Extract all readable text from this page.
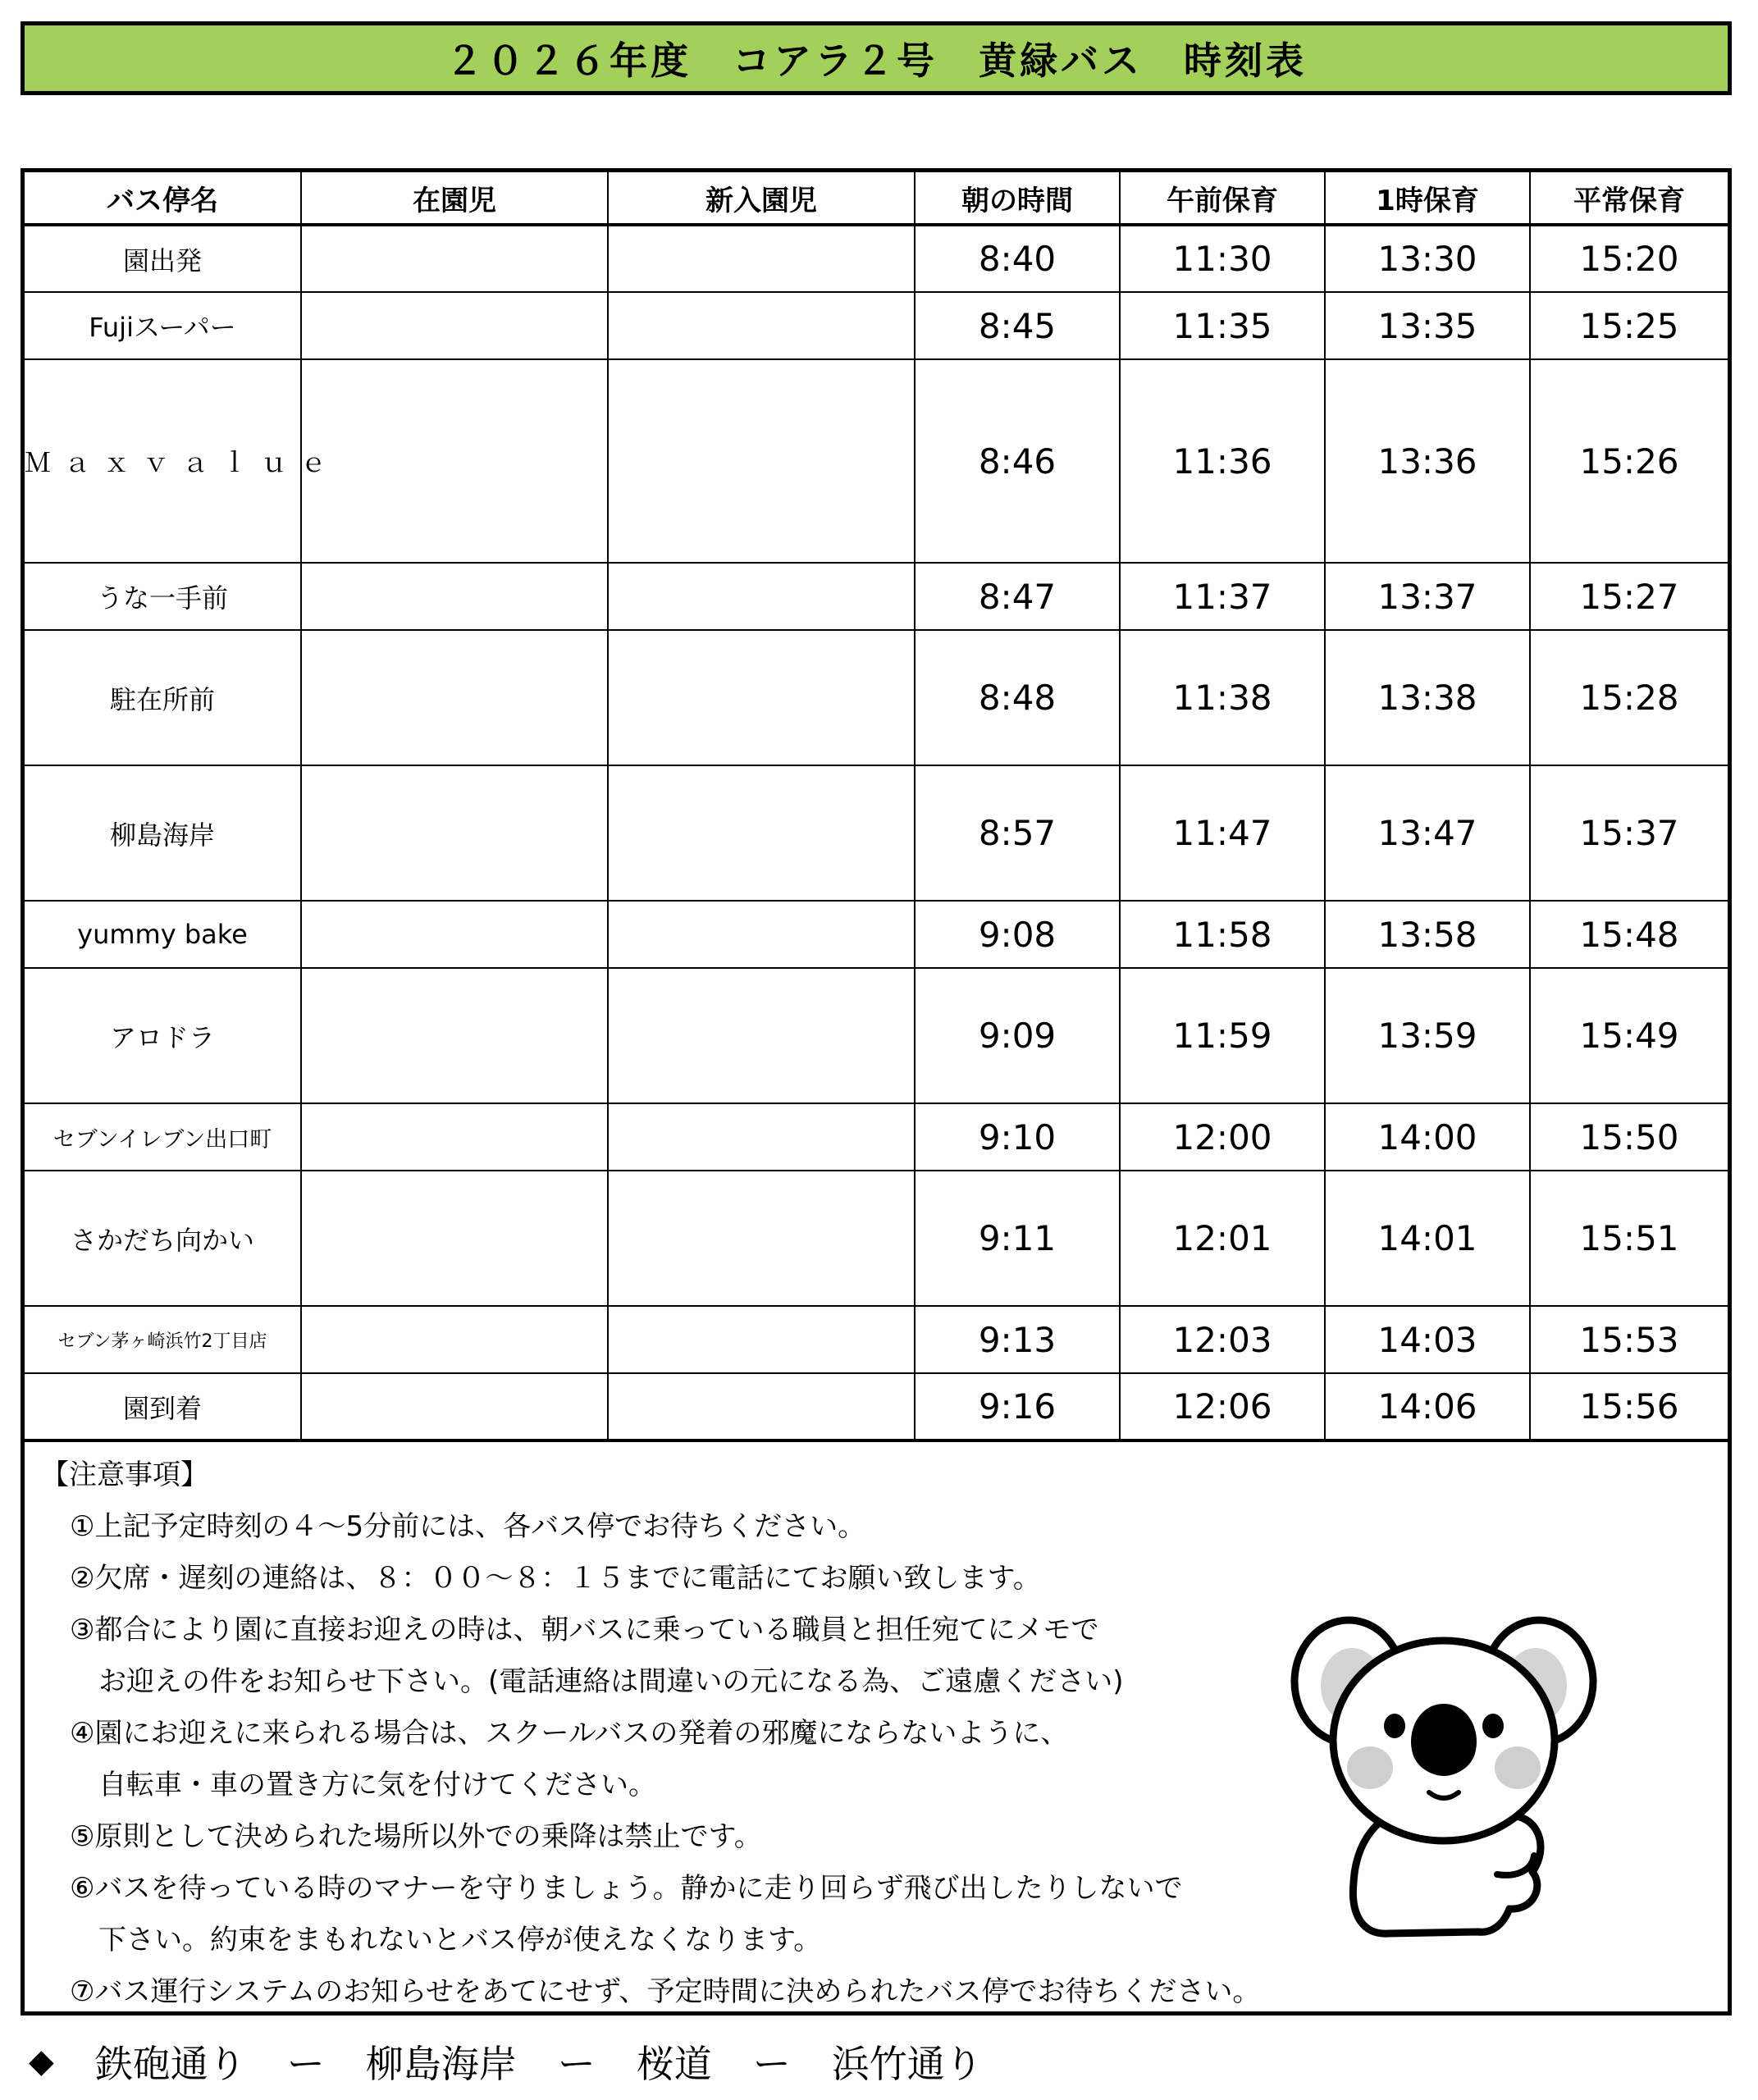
２０２６年度　コアラ２号　黄緑バス　時刻表
バス停名	在園児	新入園児	朝の時間	午前保育	1時保育	平常保育
園出発			8:40	11:30	13:30	15:20
Fujiスーパー			8:45	11:35	13:35	15:25
Ｍａｘｖａｌｕｅ			8:46	11:36	13:36	15:26
うな一手前			8:47	11:37	13:37	15:27
駐在所前			8:48	11:38	13:38	15:28
柳島海岸			8:57	11:47	13:47	15:37
yummy bake			9:08	11:58	13:58	15:48
アロドラ			9:09	11:59	13:59	15:49
セブンイレブン出口町			9:10	12:00	14:00	15:50
さかだち向かい			9:11	12:01	14:01	15:51
セブン茅ヶ崎浜竹2丁目店			9:13	12:03	14:03	15:53
園到着			9:16	12:06	14:06	15:56
【注意事項】
①上記予定時刻の４～5分前には、各バス停でお待ちください。
②欠席・遅刻の連絡は、８：００～８：１５までに電話にてお願い致します。
③都合により園に直接お迎えの時は、朝バスに乗っている職員と担任宛てにメモで
お迎えの件をお知らせ下さい。(電話連絡は間違いの元になる為、ご遠慮ください)
④園にお迎えに来られる場合は、スクールバスの発着の邪魔にならないように、
自転車・車の置き方に気を付けてください。
⑤原則として決められた場所以外での乗降は禁止です。
⑥バスを待っている時のマナーを守りましょう。静かに走り回らず飛び出したりしないで
下さい。約束をまもれないとバス停が使えなくなります。
⑦バス運行システムのお知らせをあてにせず、予定時間に決められたバス停でお待ちください。
◆ 鉄砲通り ー 柳島海岸 ー 桜道 ー 浜竹通り
